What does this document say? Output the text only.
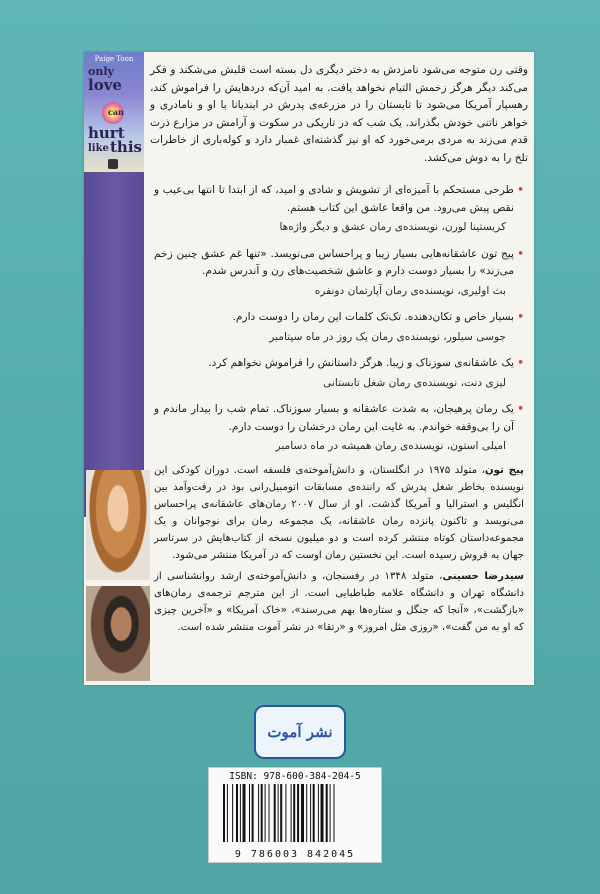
Paige Toon
only
love
can
hurt
like this

وقتی رن متوجه می‌شود نامزدش به دختر دیگری دل بسته است قلبش می‌شکند و فکر می‌کند دیگر هرگز زخمش التیام نخواهد یافت. به امید آن‌که دردهایش را فراموش کند، رهسپار آمریکا می‌شود تا تابستان را در مزرعه‌ی پدرش در ایندیانا با او و نامادری و خواهر ناتنی خودش بگذراند. یک شب که در تاریکی در سکوت و آرامش در مزارع ذرت قدم می‌زند به مردی برمی‌خورد که او نیز گذشته‌ای غمبار دارد و کوله‌باری از خاطرات تلخ را به دوش می‌کشد.

•
طرحی مستحکم با آمیزه‌ای از تشویش و شادی و امید، که از ابتدا تا انتها بی‌عیب و نقص پیش می‌رود. من واقعا عاشق این کتاب هستم.
کریستینا لورن، نویسنده‌ی رمان عشق و دیگر واژه‌ها
•
پیج تون عاشقانه‌هایی بسیار زیبا و پراحساس می‌نویسد. «تنها غم عشق چنین زخم می‌زند» را بسیار دوست دارم و عاشق شخصیت‌های رن و آندرس شدم.
بث اولیری، نویسنده‌ی رمان آپارتمان دونفره
•
بسیار خاص و تکان‌دهنده. تک‌تک کلمات این رمان را دوست دارم.
جوسی سیلور، نویسنده‌ی رمان یک روز در ماه سپتامبر
•
یک عاشقانه‌ی سوزناک و زیبا. هرگز داستانش را فراموش نخواهم کرد.
لیزی دنت، نویسنده‌ی رمان شغل تابستانی
•
یک رمان پرهیجان، به شدت عاشقانه و بسیار سوزناک. تمام شب را بیدار ماندم و آن را بی‌وقفه خواندم. به غایت این رمان درخشان را دوست دارم.
امیلی استون، نویسنده‌ی رمان همیشه در ماه دسامبر

پیج تون، متولد ۱۹۷۵ در انگلستان، و دانش‌آموخته‌ی فلسفه است. دوران کودکی این نویسنده بخاطر شغل پدرش که راننده‌ی مسابقات اتومبیل‌رانی بود در رفت‌وآمد بین انگلیس و استرالیا و آمریکا گذشت. او از سال ۲۰۰۷ رمان‌های عاشقانه‌ی پراحساس می‌نویسد و تاکنون پانزده رمان عاشقانه، یک مجموعه رمان برای نوجوانان و یک مجموعه‌داستان کوتاه منتشر کرده است و دو میلیون نسخه از کتاب‌هایش در سرتاسر جهان به فروش رسیده است. این نخستین رمان اوست که در آمریکا منتشر می‌شود.

سیدرضا حسینی، متولد ۱۳۴۸ در رفسنجان، و دانش‌آموخته‌ی ارشد روانشناسی از دانشگاه تهران و دانشگاه علامه طباطبایی است. از این مترجم ترجمه‌ی رمان‌های «بازگشت»، «آنجا که جنگل و ستاره‌ها بهم می‌رسند»، «خاک آمریکا» و «آخرین چیزی که او به من گفت»، «روزی مثل امروز» و «رتقا» در نشر آموت منتشر شده است.

نشر آموت
ISBN: 978-600-384-204-5
9 786003 842045
